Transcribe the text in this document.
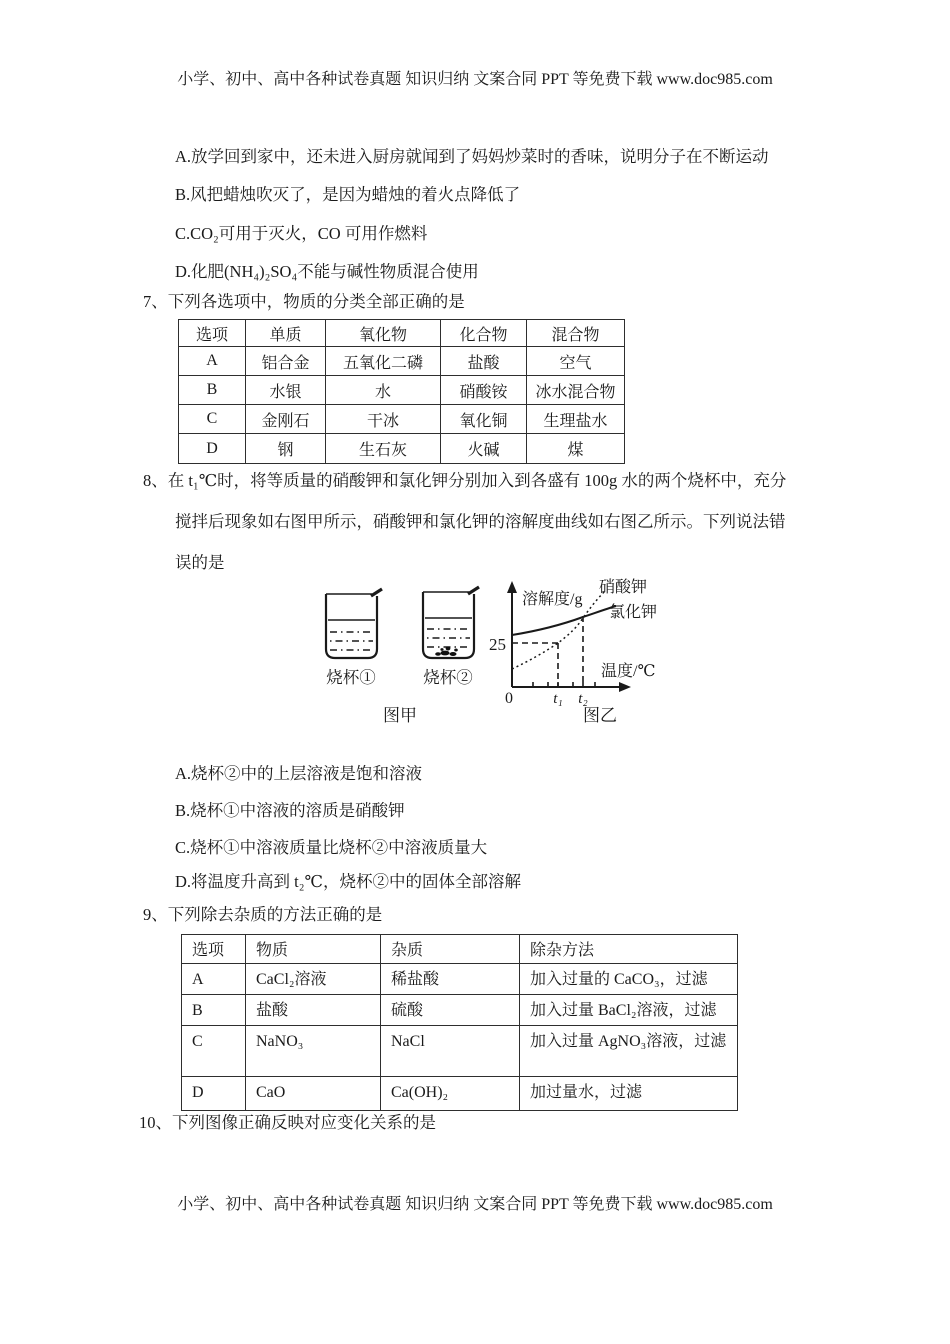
小学、初中、高中各种试卷真题 知识归纳 文案合同 PPT 等免费下载 www.doc985.com
A.放学回到家中，还未进入厨房就闻到了妈妈炒菜时的香味，说明分子在不断运动
B.风把蜡烛吹灭了，是因为蜡烛的着火点降低了
C.CO₂可用于灭火，CO 可用作燃料
D.化肥(NH₄)₂SO₄不能与碱性物质混合使用
7、下列各选项中，物质的分类全部正确的是
选项	单质	氧化物	化合物	混合物
A	铝合金	五氧化二磷	盐酸	空气
B	水银	水	硝酸铵	冰水混合物
C	金刚石	干冰	氧化铜	生理盐水
D	钢	生石灰	火碱	煤
8、在 t₁℃时，将等质量的硝酸钾和氯化钾分别加入到各盛有 100g 水的两个烧杯中，充分
搅拌后现象如右图甲所示，硝酸钾和氯化钾的溶解度曲线如右图乙所示。下列说法错
误的是
烧杯①	烧杯②
图甲
溶解度/g
温度/℃
25
硝酸钾
氯化钾
0	t₁ t₂
图乙
A.烧杯②中的上层溶液是饱和溶液
B.烧杯①中溶液的溶质是硝酸钾
C.烧杯①中溶液质量比烧杯②中溶液质量大
D.将温度升高到 t₂℃，烧杯②中的固体全部溶解
9、下列除去杂质的方法正确的是
选项	物质	杂质	除杂方法
A	CaCl₂溶液	稀盐酸	加入过量的 CaCO₃，过滤
B	盐酸	硫酸	加入过量 BaCl₂溶液，过滤
C	NaNO₃	NaCl	加入过量 AgNO₃溶液，过滤
D	CaO	Ca(OH)₂	加过量水，过滤
10、下列图像正确反映对应变化关系的是
小学、初中、高中各种试卷真题 知识归纳 文案合同 PPT 等免费下载 www.doc985.com
